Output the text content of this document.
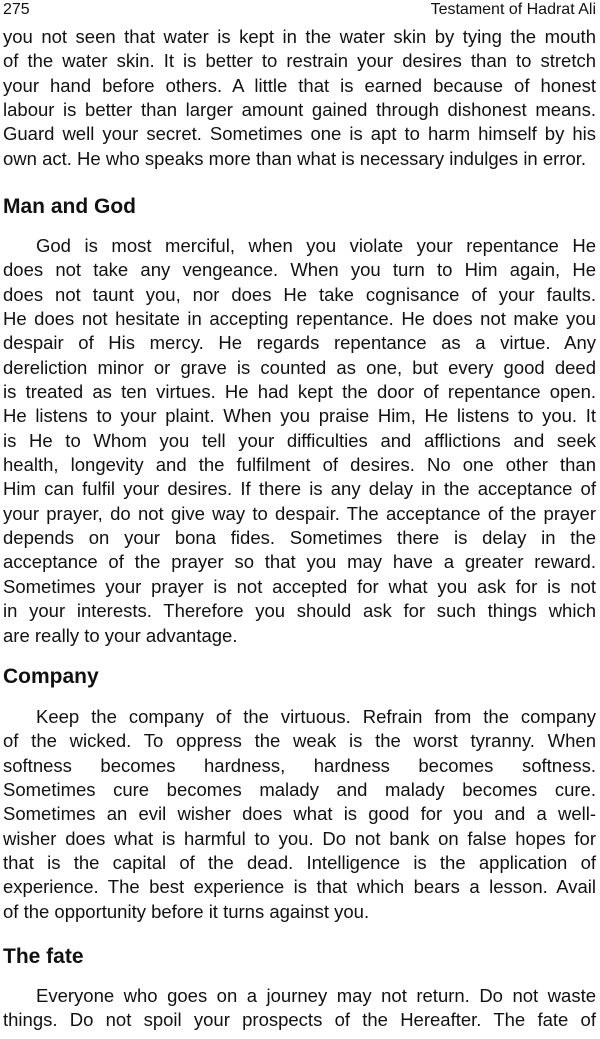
275	Testament of Hadrat Ali
you not seen that water is kept in the water skin by tying the mouth
of the water skin. It is better to restrain your desires than to stretch
your hand before others. A little that is earned because of honest
labour is better than larger amount gained through dishonest means.
Guard well your secret. Sometimes one is apt to harm himself by his
own act. He who speaks more than what is necessary indulges in error.
Man and God
God is most merciful, when you violate your repentance He
does not take any vengeance. When you turn to Him again, He
does not taunt you, nor does He take cognisance of your faults.
He does not hesitate in accepting repentance. He does not make you
despair of His mercy. He regards repentance as a virtue. Any
dereliction minor or grave is counted as one, but every good deed
is treated as ten virtues. He had kept the door of repentance open.
He listens to your plaint. When you praise Him, He listens to you. It
is He to Whom you tell your difficulties and afflictions and seek
health, longevity and the fulfilment of desires. No one other than
Him can fulfil your desires. If there is any delay in the acceptance of
your prayer, do not give way to despair. The acceptance of the prayer
depends on your bona fides. Sometimes there is delay in the
acceptance of the prayer so that you may have a greater reward.
Sometimes your prayer is not accepted for what you ask for is not
in your interests. Therefore you should ask for such things which
are really to your advantage.
Company
Keep the company of the virtuous. Refrain from the company
of the wicked. To oppress the weak is the worst tyranny. When
softness becomes hardness, hardness becomes softness.
Sometimes cure becomes malady and malady becomes cure.
Sometimes an evil wisher does what is good for you and a well-
wisher does what is harmful to you. Do not bank on false hopes for
that is the capital of the dead. Intelligence is the application of
experience. The best experience is that which bears a lesson. Avail
of the opportunity before it turns against you.
The fate
Everyone who goes on a journey may not return. Do not waste
things. Do not spoil your prospects of the Hereafter. The fate of
